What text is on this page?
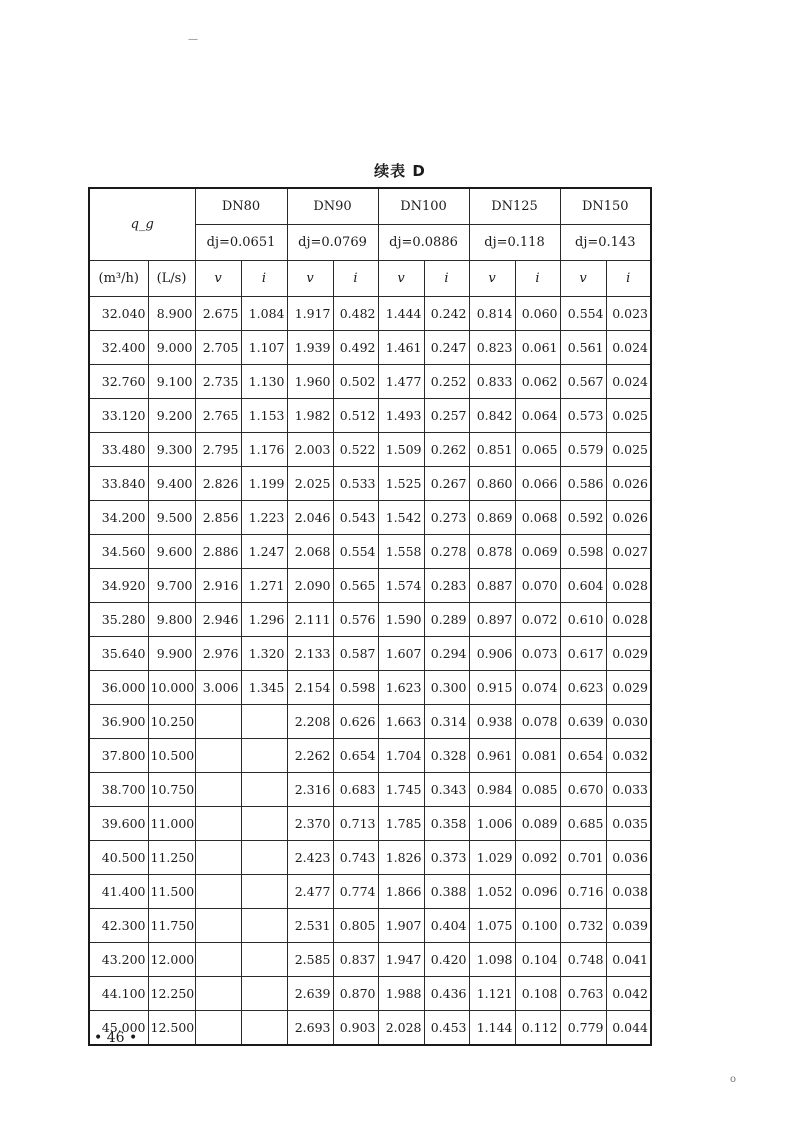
续表 D
q_g		DN80		DN90		DN100		DN125		DN150	
		dj=0.0651		dj=0.0769		dj=0.0886		dj=0.118		dj=0.143	
(m³/h)	(L/s)	v	i	v	i	v	i	v	i	v	i
32.040	8.900	2.675	1.084	1.917	0.482	1.444	0.242	0.814	0.060	0.554	0.023
32.400	9.000	2.705	1.107	1.939	0.492	1.461	0.247	0.823	0.061	0.561	0.024
32.760	9.100	2.735	1.130	1.960	0.502	1.477	0.252	0.833	0.062	0.567	0.024
33.120	9.200	2.765	1.153	1.982	0.512	1.493	0.257	0.842	0.064	0.573	0.025
33.480	9.300	2.795	1.176	2.003	0.522	1.509	0.262	0.851	0.065	0.579	0.025
33.840	9.400	2.826	1.199	2.025	0.533	1.525	0.267	0.860	0.066	0.586	0.026
34.200	9.500	2.856	1.223	2.046	0.543	1.542	0.273	0.869	0.068	0.592	0.026
34.560	9.600	2.886	1.247	2.068	0.554	1.558	0.278	0.878	0.069	0.598	0.027
34.920	9.700	2.916	1.271	2.090	0.565	1.574	0.283	0.887	0.070	0.604	0.028
35.280	9.800	2.946	1.296	2.111	0.576	1.590	0.289	0.897	0.072	0.610	0.028
35.640	9.900	2.976	1.320	2.133	0.587	1.607	0.294	0.906	0.073	0.617	0.029
36.000	10.000	3.006	1.345	2.154	0.598	1.623	0.300	0.915	0.074	0.623	0.029
36.900	10.250			2.208	0.626	1.663	0.314	0.938	0.078	0.639	0.030
37.800	10.500			2.262	0.654	1.704	0.328	0.961	0.081	0.654	0.032
38.700	10.750			2.316	0.683	1.745	0.343	0.984	0.085	0.670	0.033
39.600	11.000			2.370	0.713	1.785	0.358	1.006	0.089	0.685	0.035
40.500	11.250			2.423	0.743	1.826	0.373	1.029	0.092	0.701	0.036
41.400	11.500			2.477	0.774	1.866	0.388	1.052	0.096	0.716	0.038
42.300	11.750			2.531	0.805	1.907	0.404	1.075	0.100	0.732	0.039
43.200	12.000			2.585	0.837	1.947	0.420	1.098	0.104	0.748	0.041
44.100	12.250			2.639	0.870	1.988	0.436	1.121	0.108	0.763	0.042
45.000	12.500			2.693	0.903	2.028	0.453	1.144	0.112	0.779	0.044
• 46 •
—
o
